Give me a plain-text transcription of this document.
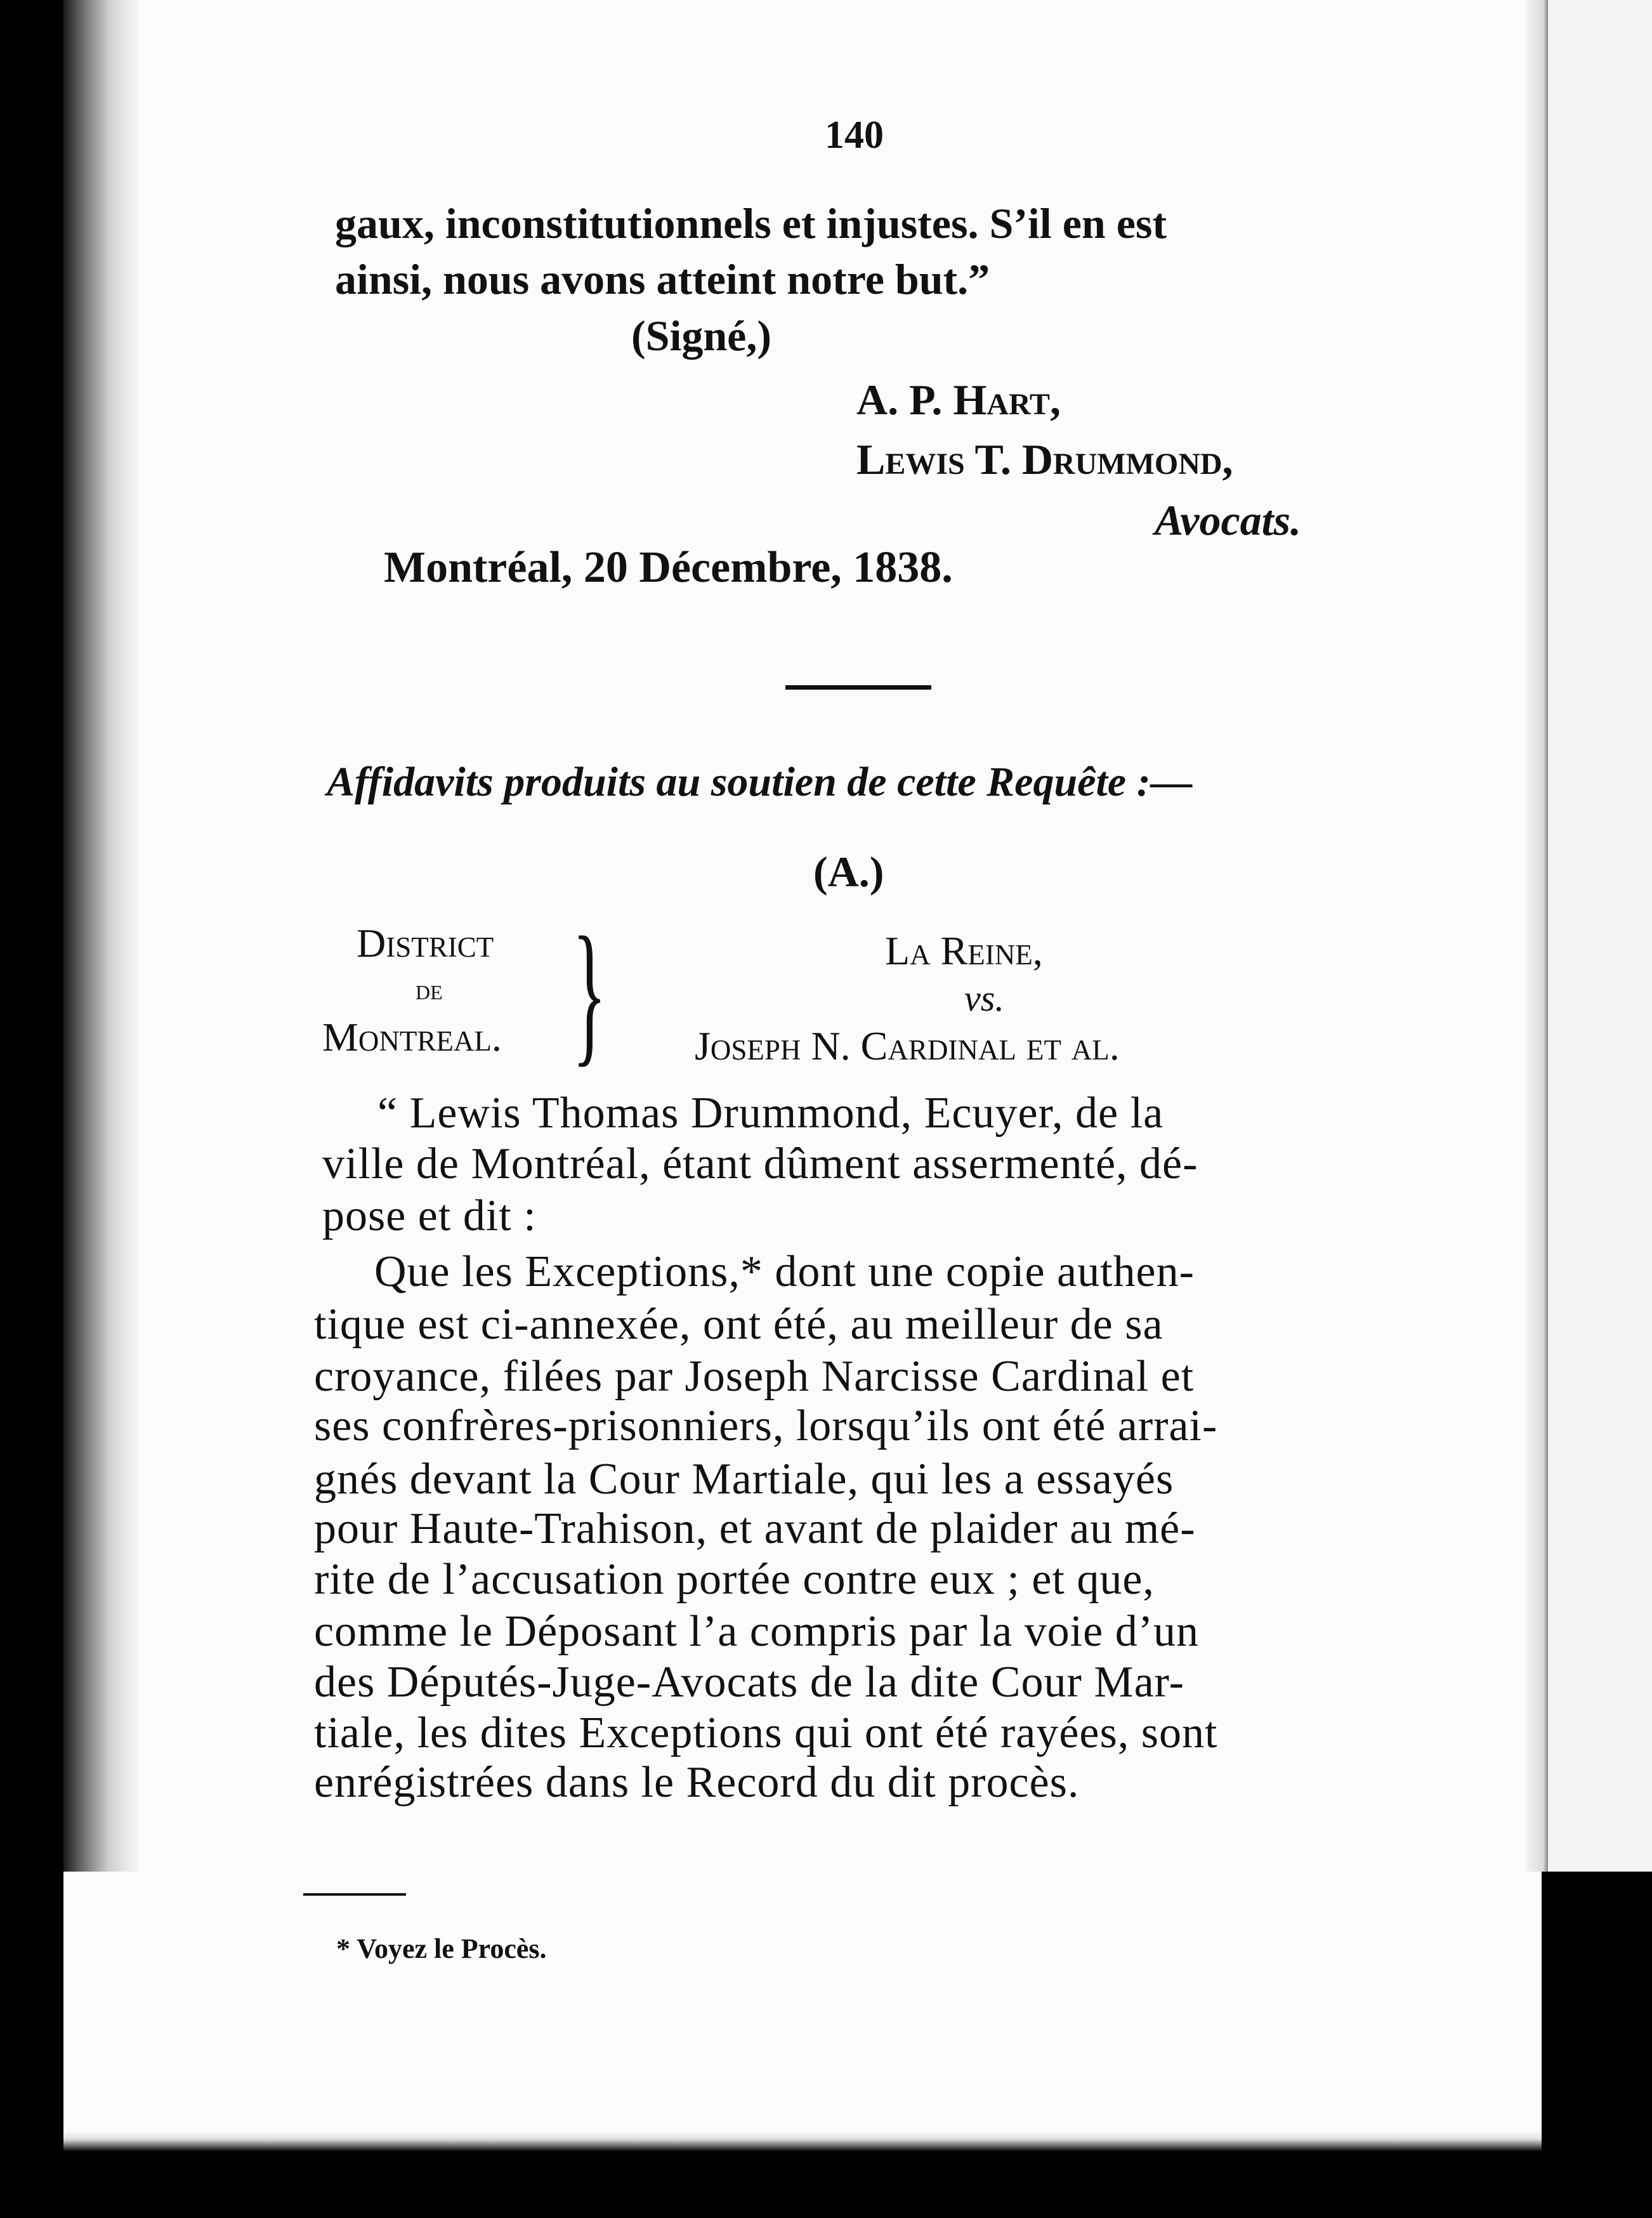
140
gaux, inconstitutionnels et injustes. S’il en est
ainsi, nous avons atteint notre but.”
(Signé,)
A. P. Hart,
Lewis T. Drummond,
Avocats.
Montréal, 20 Décembre, 1838.
Affidavits produits au soutien de cette Requête :—
(A.)
District
de
Montreal. }	La Reine,
vs.
Joseph N. Cardinal et al.
“ Lewis Thomas Drummond, Ecuyer, de la
ville de Montréal, étant dûment assermenté, dé-
pose et dit :
Que les Exceptions,* dont une copie authen-
tique est ci-annexée, ont été, au meilleur de sa
croyance, filées par Joseph Narcisse Cardinal et
ses confrères-prisonniers, lorsqu’ils ont été arrai-
gnés devant la Cour Martiale, qui les a essayés
pour Haute-Trahison, et avant de plaider au mé-
rite de l’accusation portée contre eux ; et que,
comme le Déposant l’a compris par la voie d’un
des Députés-Juge-Avocats de la dite Cour Mar-
tiale, les dites Exceptions qui ont été rayées, sont
enrégistrées dans le Record du dit procès.
* Voyez le Procès.
